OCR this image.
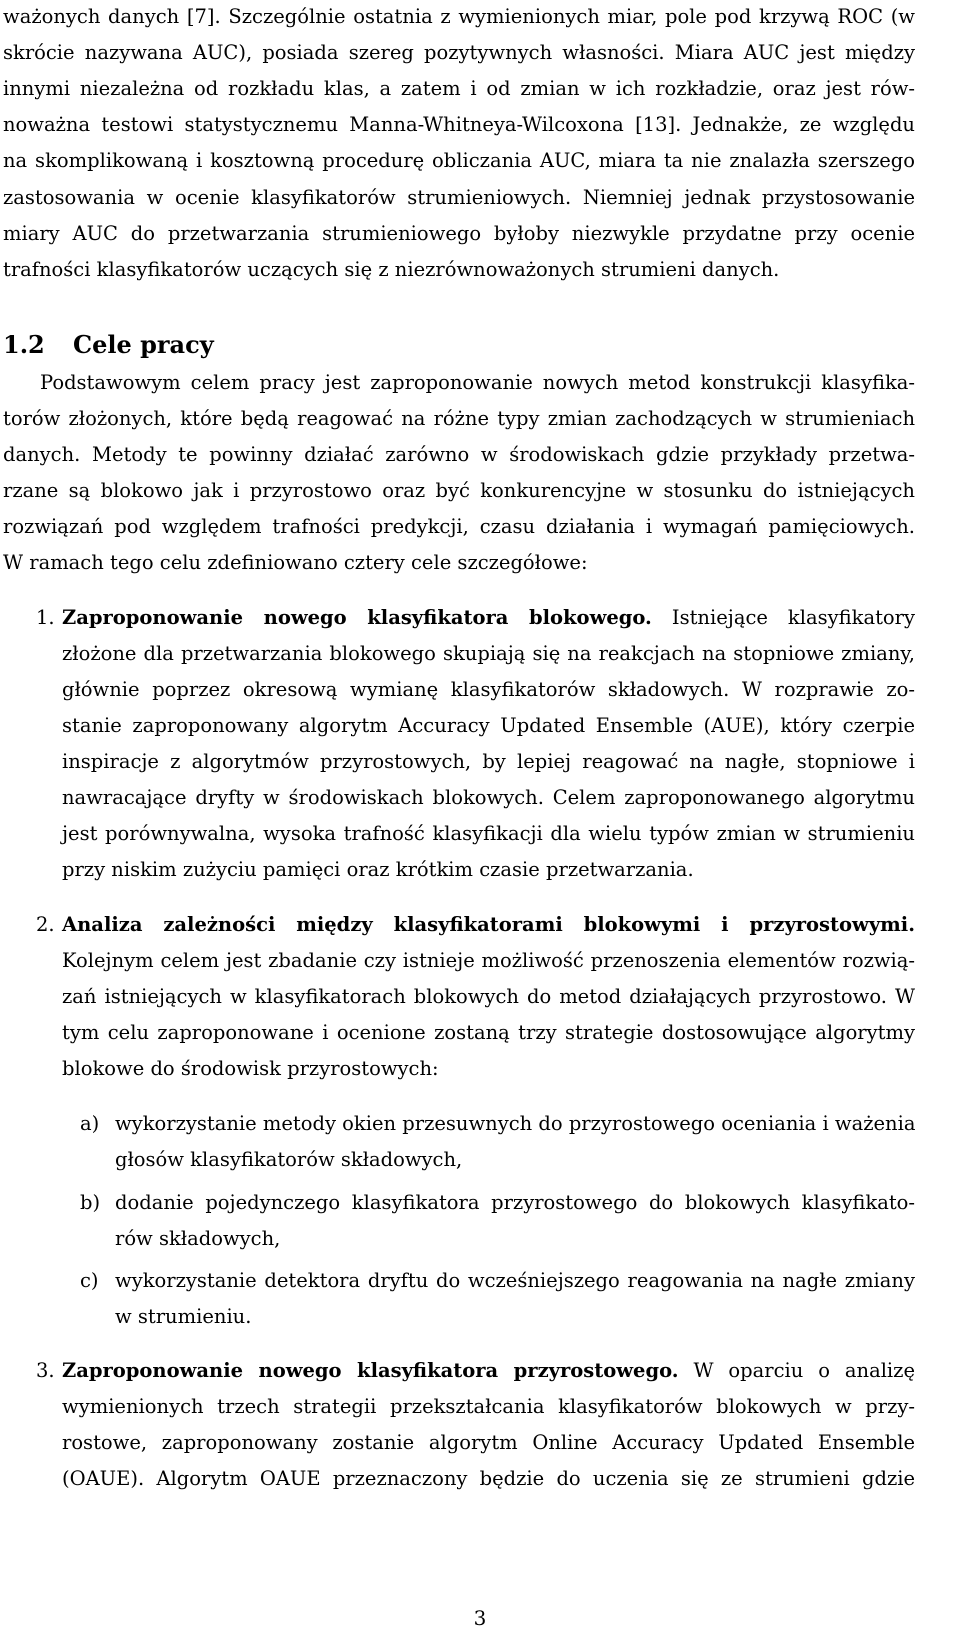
ważonych danych [7]. Szczególnie ostatnia z wymienionych miar, pole pod krzywą ROC (w
skrócie nazywana AUC), posiada szereg pozytywnych własności. Miara AUC jest między
innymi niezależna od rozkładu klas, a zatem i od zmian w ich rozkładzie, oraz jest rów-
noważna testowi statystycznemu Manna-Whitneya-Wilcoxona [13]. Jednakże, ze względu
na skomplikowaną i kosztowną procedurę obliczania AUC, miara ta nie znalazła szerszego
zastosowania w ocenie klasyfikatorów strumieniowych. Niemniej jednak przystosowanie
miary AUC do przetwarzania strumieniowego byłoby niezwykle przydatne przy ocenie
trafności klasyfikatorów uczących się z niezrównoważonych strumieni danych.
1.2 Cele pracy
Podstawowym celem pracy jest zaproponowanie nowych metod konstrukcji klasyfika-
torów złożonych, które będą reagować na różne typy zmian zachodzących w strumieniach
danych. Metody te powinny działać zarówno w środowiskach gdzie przykłady przetwa-
rzane są blokowo jak i przyrostowo oraz być konkurencyjne w stosunku do istniejących
rozwiązań pod względem trafności predykcji, czasu działania i wymagań pamięciowych.
W ramach tego celu zdefiniowano cztery cele szczegółowe:
1. Zaproponowanie nowego klasyfikatora blokowego. Istniejące klasyfikatory
złożone dla przetwarzania blokowego skupiają się na reakcjach na stopniowe zmiany,
głównie poprzez okresową wymianę klasyfikatorów składowych. W rozprawie zo-
stanie zaproponowany algorytm Accuracy Updated Ensemble (AUE), który czerpie
inspiracje z algorytmów przyrostowych, by lepiej reagować na nagłe, stopniowe i
nawracające dryfty w środowiskach blokowych. Celem zaproponowanego algorytmu
jest porównywalna, wysoka trafność klasyfikacji dla wielu typów zmian w strumieniu
przy niskim zużyciu pamięci oraz krótkim czasie przetwarzania.
2. Analiza zależności między klasyfikatorami blokowymi i przyrostowymi.
Kolejnym celem jest zbadanie czy istnieje możliwość przenoszenia elementów rozwią-
zań istniejących w klasyfikatorach blokowych do metod działających przyrostowo. W
tym celu zaproponowane i ocenione zostaną trzy strategie dostosowujące algorytmy
blokowe do środowisk przyrostowych:
a) wykorzystanie metody okien przesuwnych do przyrostowego oceniania i ważenia
głosów klasyfikatorów składowych,
b) dodanie pojedynczego klasyfikatora przyrostowego do blokowych klasyfikato-
rów składowych,
c) wykorzystanie detektora dryftu do wcześniejszego reagowania na nagłe zmiany
w strumieniu.
3. Zaproponowanie nowego klasyfikatora przyrostowego. W oparciu o analizę
wymienionych trzech strategii przekształcania klasyfikatorów blokowych w przy-
rostowe, zaproponowany zostanie algorytm Online Accuracy Updated Ensemble
(OAUE). Algorytm OAUE przeznaczony będzie do uczenia się ze strumieni gdzie
3
